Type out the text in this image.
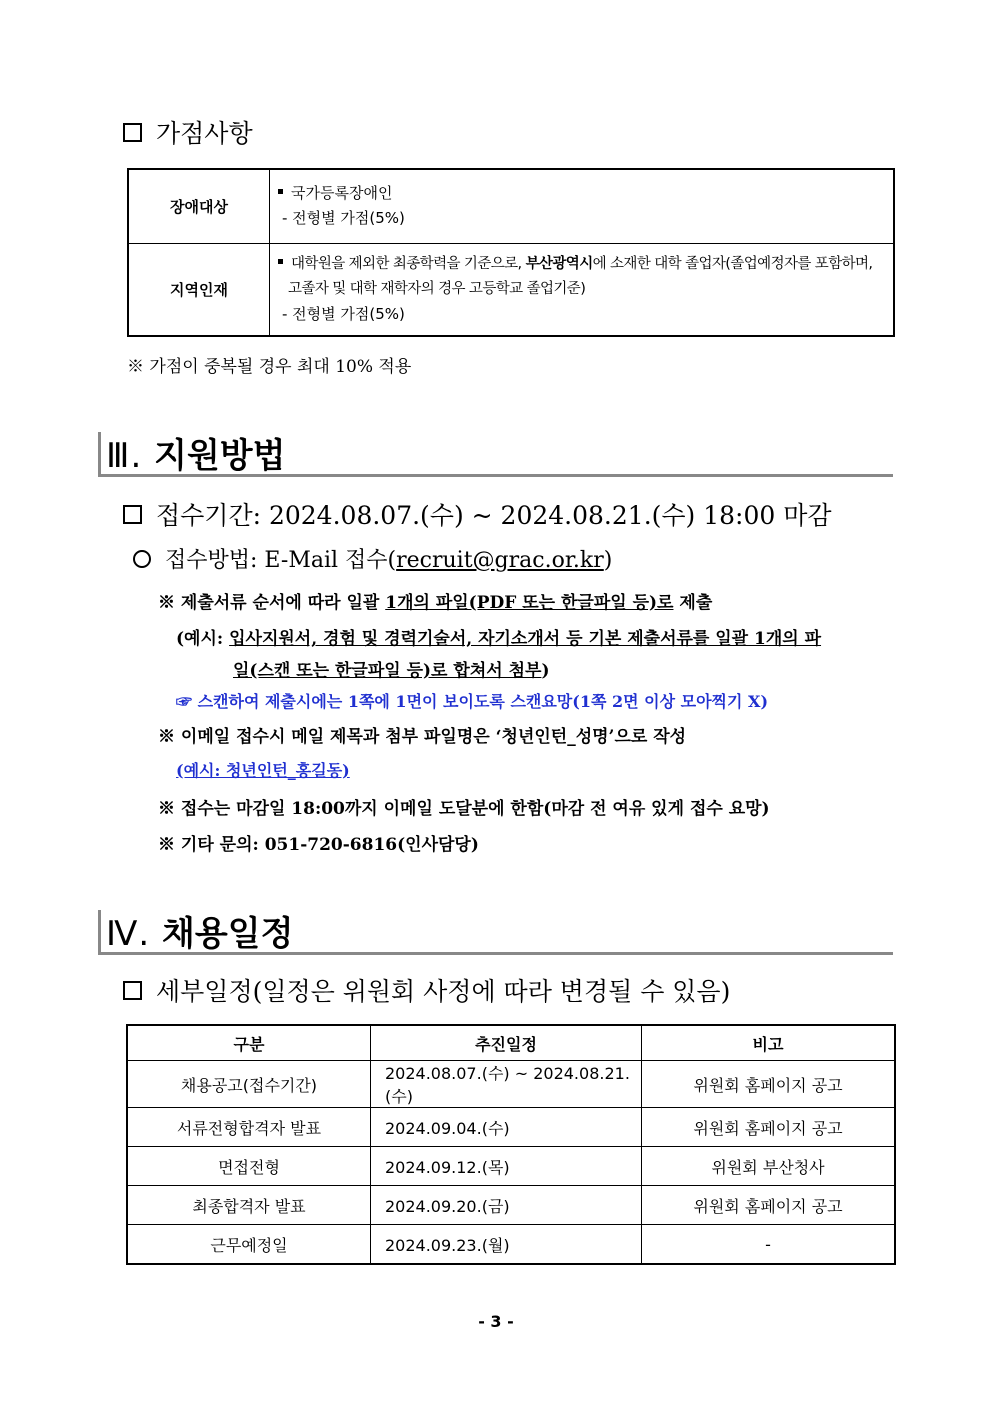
가점사항
장애대상	국가등록장애인
- 전형별 가점(5%)

지역인재	대학원을 제외한 최종학력을 기준으로, 부산광역시에 소재한 대학 졸업자(졸업예정자를 포함하며,
고졸자 및 대학 재학자의 경우 고등학교 졸업기준)
- 전형별 가점(5%)
※ 가점이 중복될 경우 최대 10% 적용
Ⅲ. 지원방법
접수기간: 2024.08.07.(수) ~ 2024.08.21.(수) 18:00 마감
접수방법: E-Mail 접수(recruit@grac.or.kr)
※ 제출서류 순서에 따라 일괄 1개의 파일(PDF 또는 한글파일 등)로 제출
(예시: 입사지원서, 경험 및 경력기술서, 자기소개서 등 기본 제출서류를 일괄 1개의 파
일(스캔 또는 한글파일 등)로 합쳐서 첨부)
☞ 스캔하여 제출시에는 1쪽에 1면이 보이도록 스캔요망(1쪽 2면 이상 모아찍기 X)
※ 이메일 접수시 메일 제목과 첨부 파일명은 ‘청년인턴_성명’으로 작성
(예시: 청년인턴_홍길동)
※ 접수는 마감일 18:00까지 이메일 도달분에 한함(마감 전 여유 있게 접수 요망)
※ 기타 문의: 051-720-6816(인사담당)
Ⅳ. 채용일정
세부일정(일정은 위원회 사정에 따라 변경될 수 있음)
구분	추진일정	비고
채용공고(접수기간)	2024.08.07.(수) ~ 2024.08.21.(수)	위원회 홈페이지 공고
서류전형합격자 발표	2024.09.04.(수)	위원회 홈페이지 공고
면접전형	2024.09.12.(목)	위원회 부산청사
최종합격자 발표	2024.09.20.(금)	위원회 홈페이지 공고
근무예정일	2024.09.23.(월)	-
- 3 -
